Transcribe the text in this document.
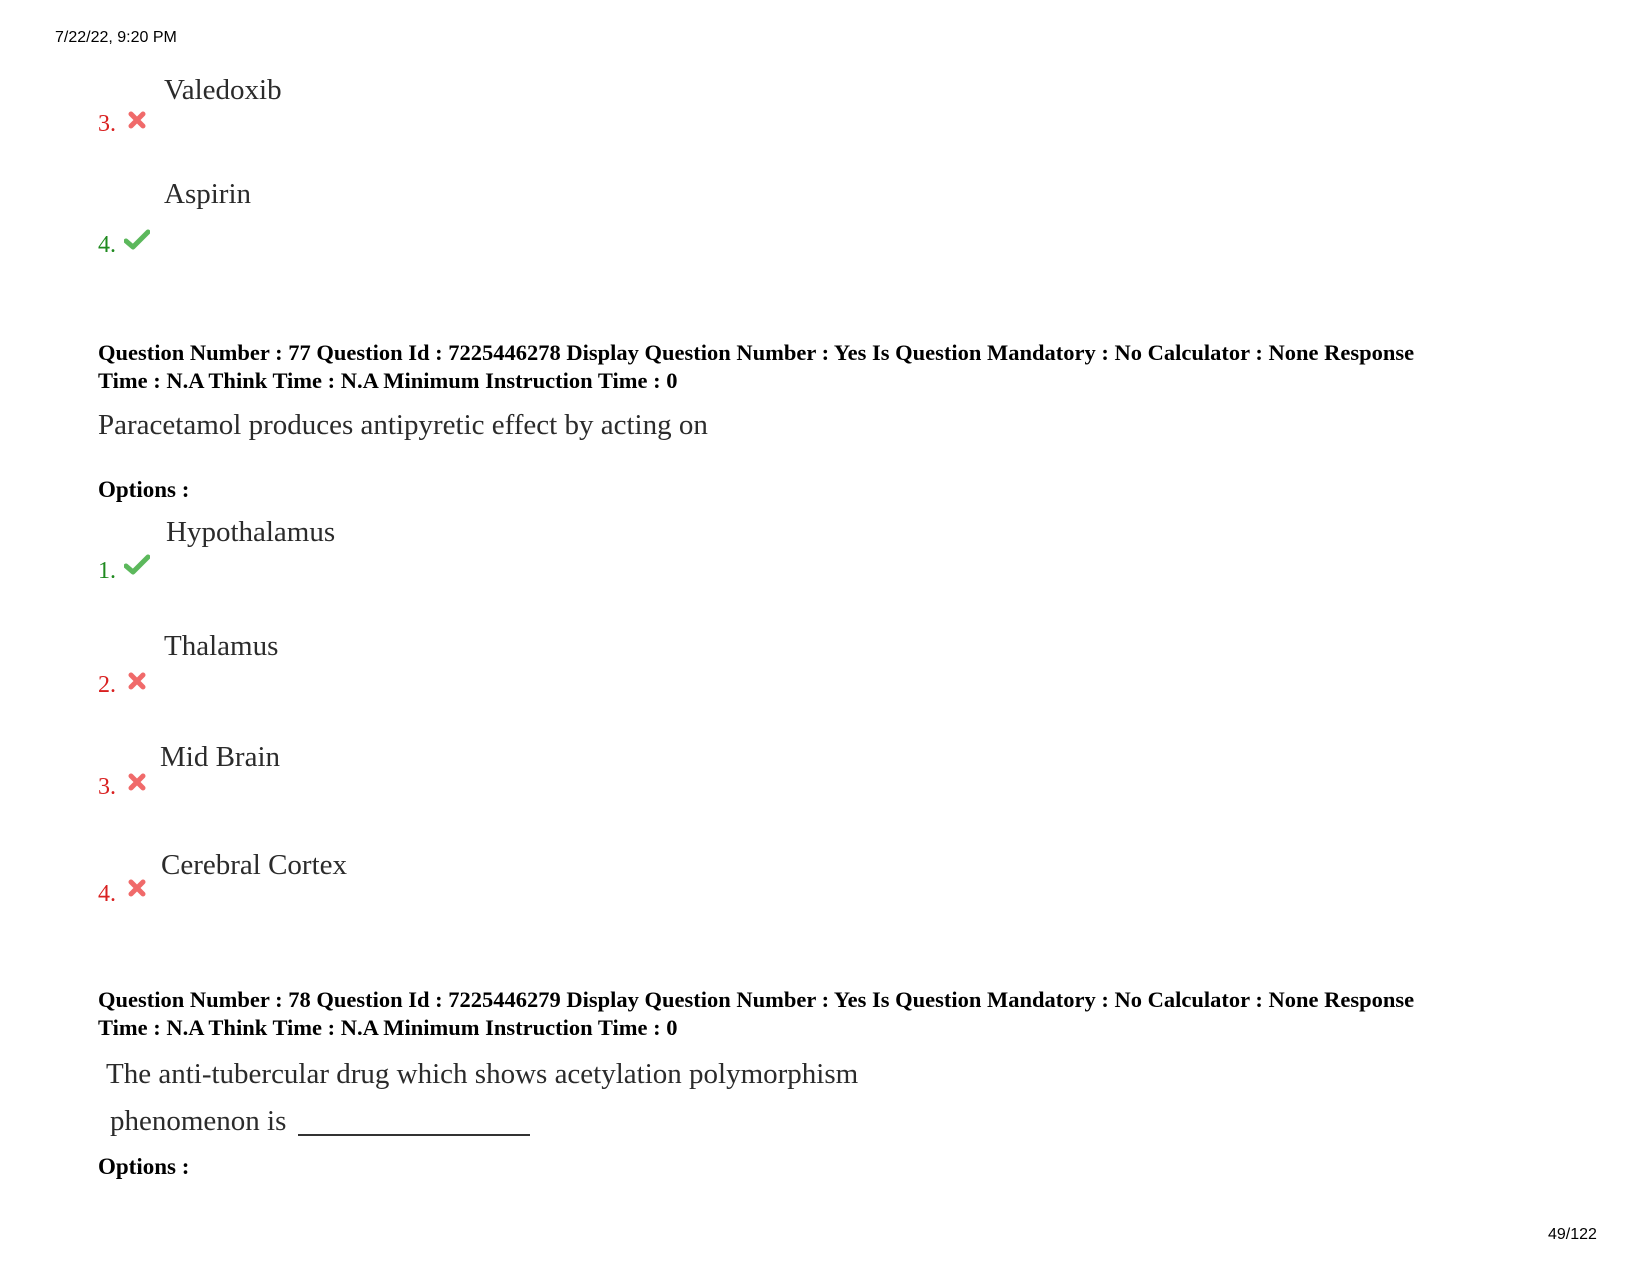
7/22/22, 9:20 PM
Valedoxib
3.
Aspirin
4.
Question Number : 77 Question Id : 7225446278 Display Question Number : Yes Is Question Mandatory : No Calculator : None Response
Time : N.A Think Time : N.A Minimum Instruction Time : 0
Paracetamol produces antipyretic effect by acting on
Options :
Hypothalamus
1.
Thalamus
2.
Mid Brain
3.
Cerebral Cortex
4.
Question Number : 78 Question Id : 7225446279 Display Question Number : Yes Is Question Mandatory : No Calculator : None Response
Time : N.A Think Time : N.A Minimum Instruction Time : 0
The anti-tubercular drug which shows acetylation polymorphism
phenomenon is
Options :
49/122
